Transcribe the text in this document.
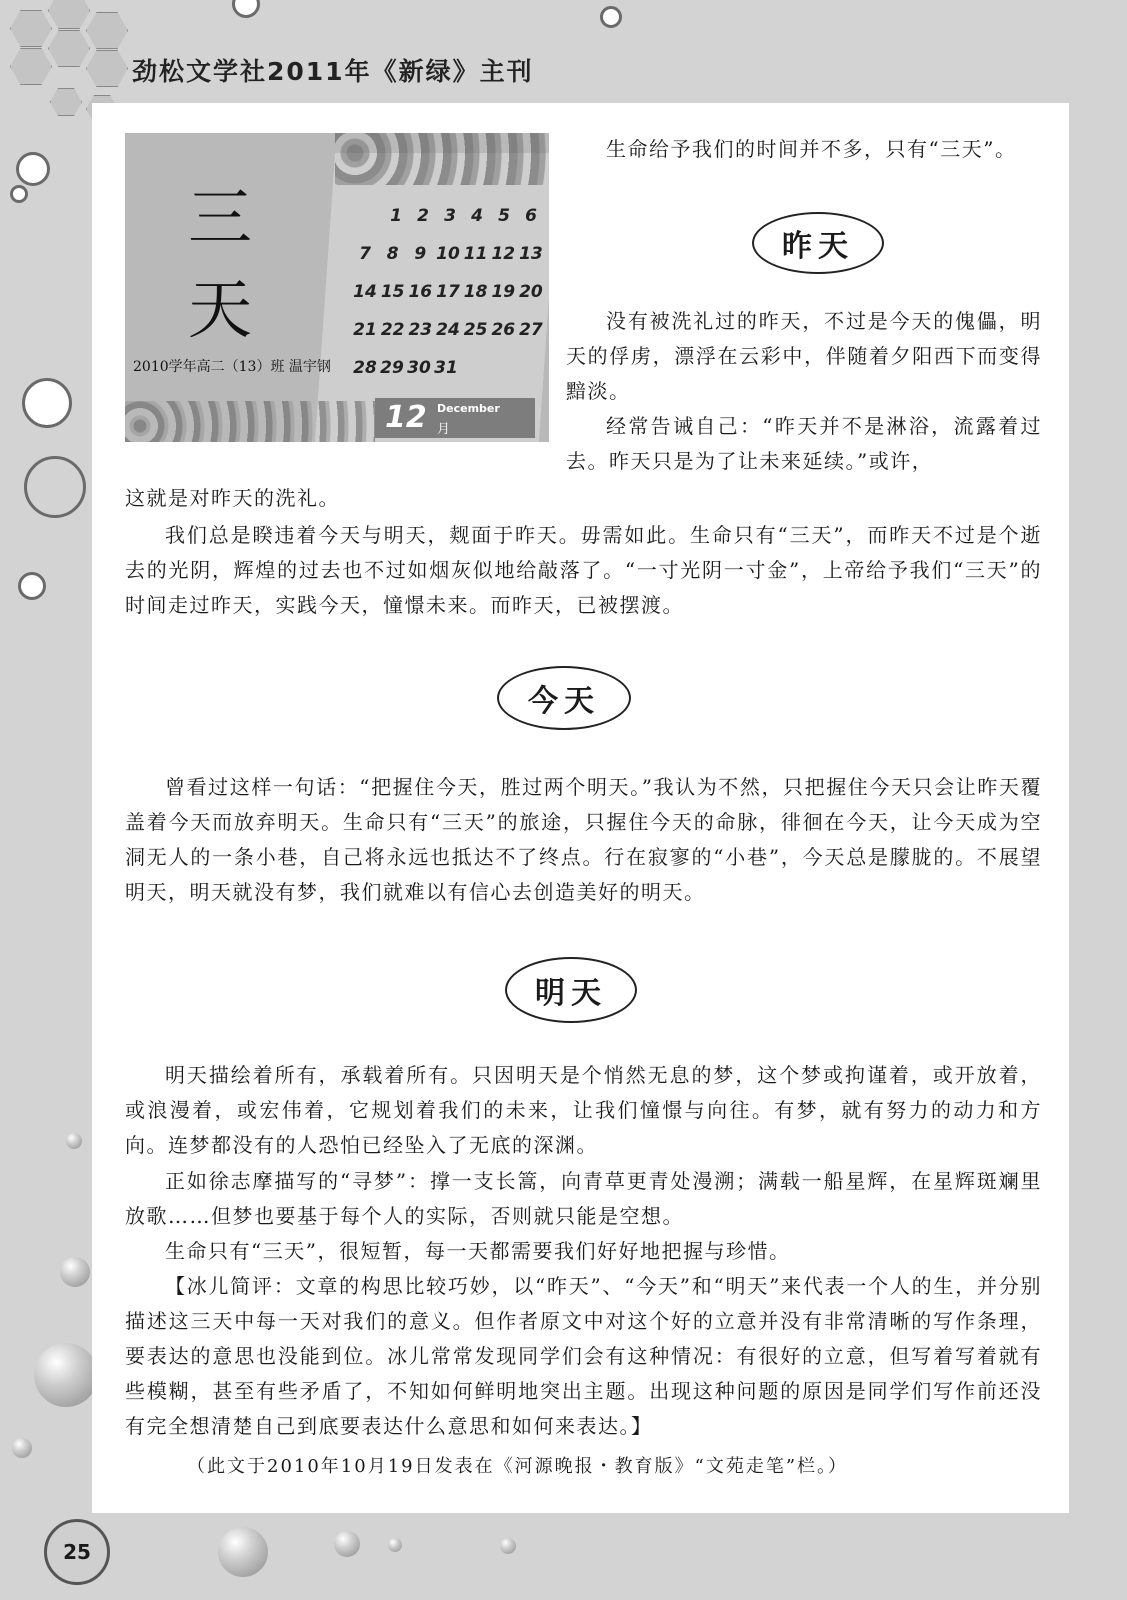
劲松文学社2011年《新绿》主刊
三
天
2010学年高二（13）班 温宇钢
1 2 3 4 5 6
7 8 9 10 11 12 13
14 15 16 17 18 19 20
21 22 23 24 25 26 27
28 29 30 31
12 December
月

生命给予我们的时间并不多，只有“三天”。

昨天

没有被洗礼过的昨天，不过是今天的傀儡，明天的俘虏，漂浮在云彩中，伴随着夕阳西下而变得黯淡。

经常告诫自己：“昨天并不是淋浴，流露着过去。昨天只是为了让未来延续。”或许，

这就是对昨天的洗礼。

我们总是睽违着今天与明天，觌面于昨天。毋需如此。生命只有“三天”，而昨天不过是个逝去的光阴，辉煌的过去也不过如烟灰似地给敲落了。“一寸光阴一寸金”，上帝给予我们“三天”的时间走过昨天，实践今天，憧憬未来。而昨天，已被摆渡。

今天

曾看过这样一句话：“把握住今天，胜过两个明天。”我认为不然，只把握住今天只会让昨天覆盖着今天而放弃明天。生命只有“三天”的旅途，只握住今天的命脉，徘徊在今天，让今天成为空洞无人的一条小巷，自己将永远也抵达不了终点。行在寂寥的“小巷”，今天总是朦胧的。不展望明天，明天就没有梦，我们就难以有信心去创造美好的明天。

明天

明天描绘着所有，承载着所有。只因明天是个悄然无息的梦，这个梦或拘谨着，或开放着，或浪漫着，或宏伟着，它规划着我们的未来，让我们憧憬与向往。有梦，就有努力的动力和方向。连梦都没有的人恐怕已经坠入了无底的深渊。

正如徐志摩描写的“寻梦”：撑一支长篙，向青草更青处漫溯；满载一船星辉，在星辉斑斓里放歌……但梦也要基于每个人的实际，否则就只能是空想。

生命只有“三天”，很短暂，每一天都需要我们好好地把握与珍惜。

【冰儿简评：文章的构思比较巧妙，以“昨天”、“今天”和“明天”来代表一个人的生，并分别描述这三天中每一天对我们的意义。但作者原文中对这个好的立意并没有非常清晰的写作条理，要表达的意思也没能到位。冰儿常常发现同学们会有这种情况：有很好的立意，但写着写着就有些模糊，甚至有些矛盾了，不知如何鲜明地突出主题。出现这种问题的原因是同学们写作前还没有完全想清楚自己到底要表达什么意思和如何来表达。】

（此文于2010年10月19日发表在《河源晚报・教育版》“文苑走笔”栏。）
25
